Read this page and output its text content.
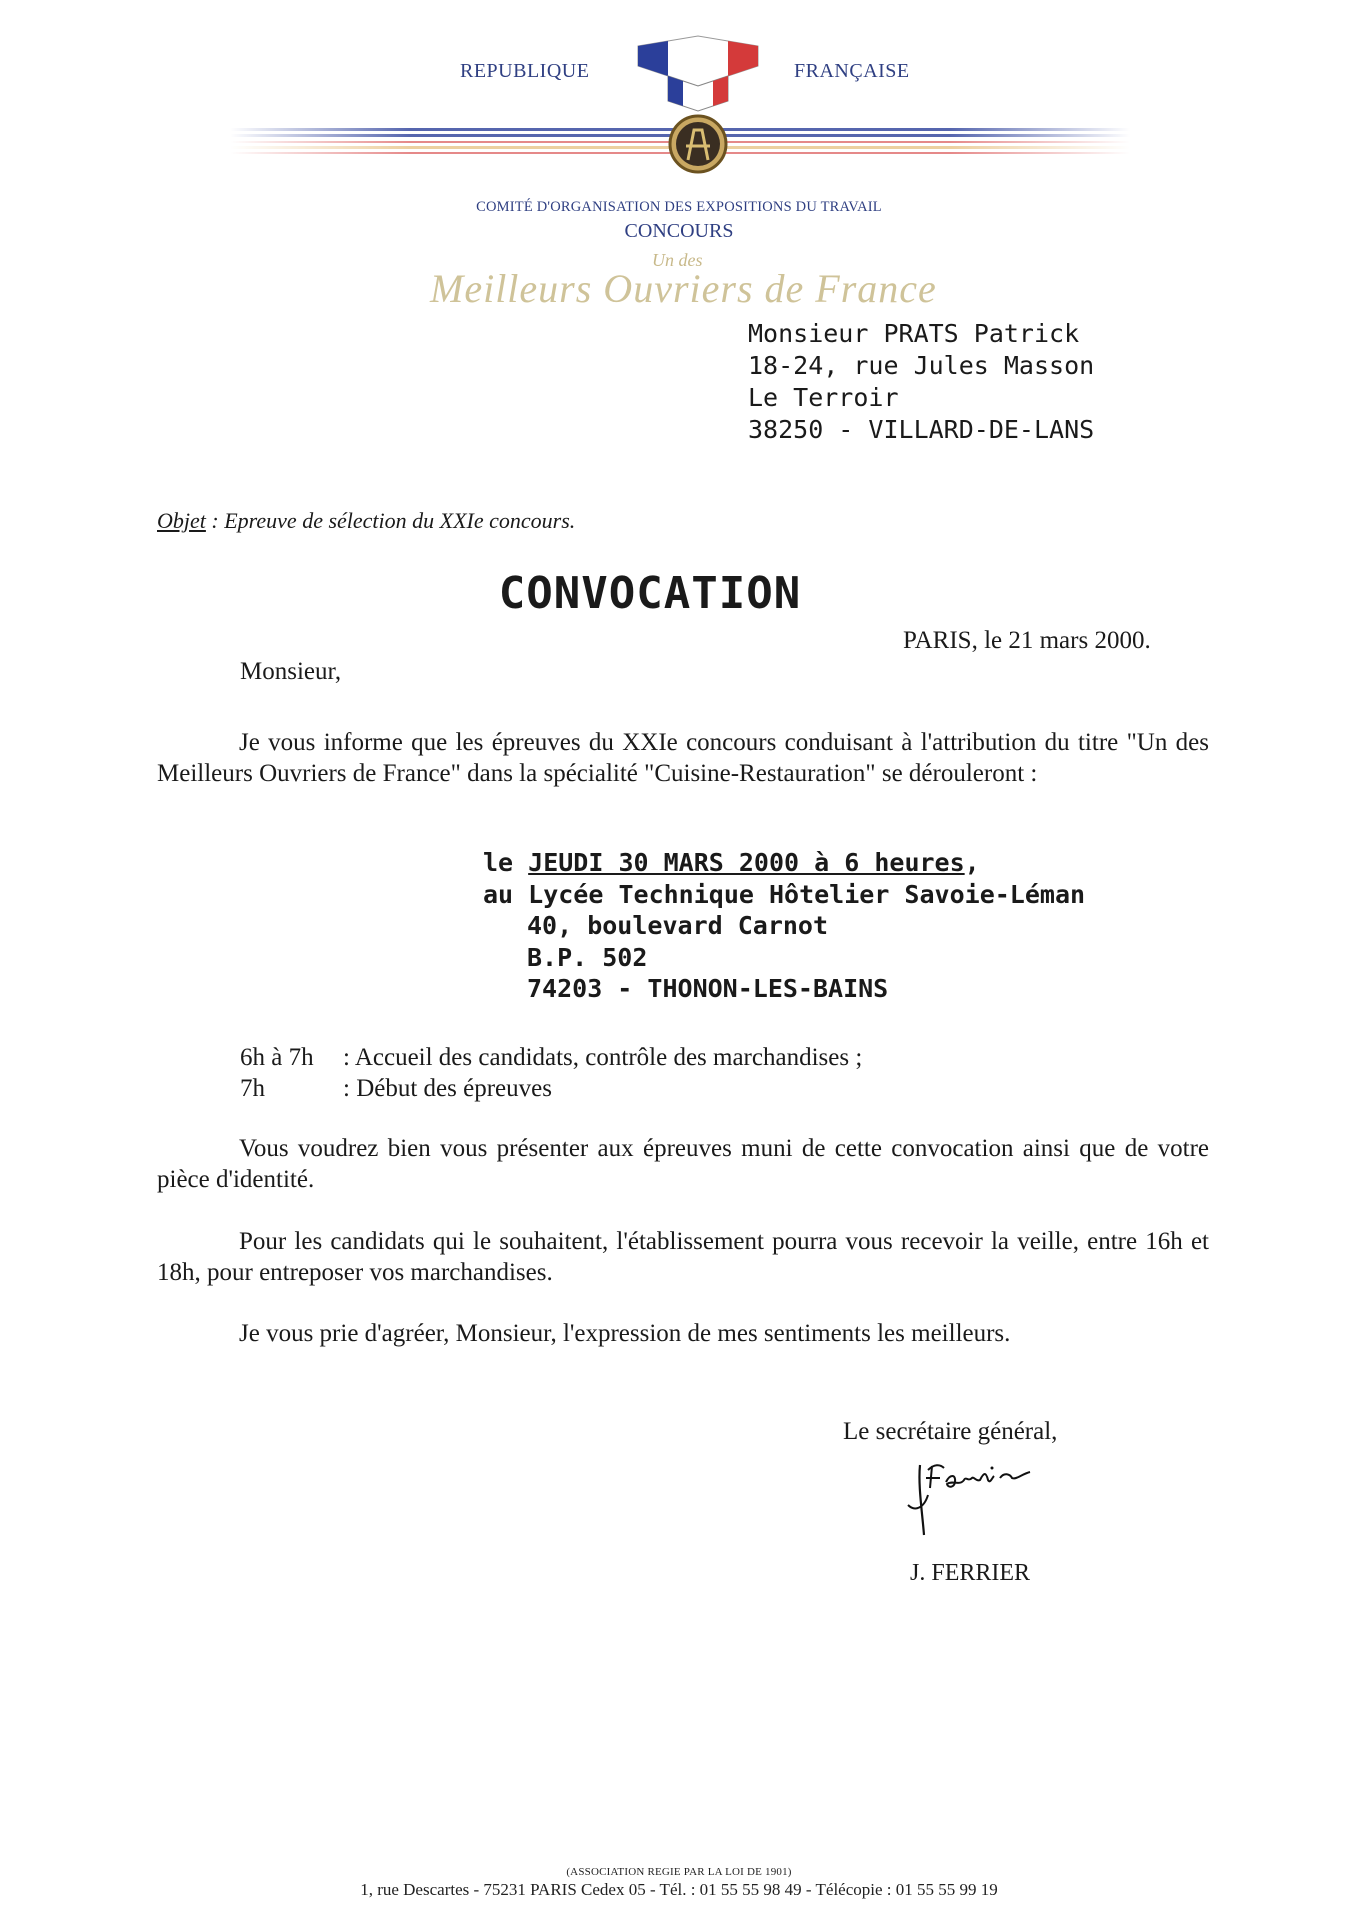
REPUBLIQUE	FRANÇAISE
COMITÉ D'ORGANISATION DES EXPOSITIONS DU TRAVAIL
CONCOURS
Un des
Meilleurs Ouvriers de France
Monsieur PRATS Patrick
18-24, rue Jules Masson
Le Terroir
38250 - VILLARD-DE-LANS
Objet : Epreuve de sélection du XXIe concours.
CONVOCATION
PARIS, le 21 mars 2000.
Monsieur,
Je vous informe que les épreuves du XXIe concours conduisant à l'attribution du titre "Un des Meilleurs Ouvriers de France" dans la spécialité "Cuisine-Restauration" se dérouleront :
le JEUDI 30 MARS 2000 à 6 heures,
au Lycée Technique Hôtelier Savoie-Léman
40, boulevard Carnot
B.P. 502
74203 - THONON-LES-BAINS
6h à 7h : Accueil des candidats, contrôle des marchandises ;
7h	: Début des épreuves
Vous voudrez bien vous présenter aux épreuves muni de cette convocation ainsi que de votre pièce d'identité.
Pour les candidats qui le souhaitent, l'établissement pourra vous recevoir la veille, entre 16h et 18h, pour entreposer vos marchandises.
Je vous prie d'agréer, Monsieur, l'expression de mes sentiments les meilleurs.
Le secrétaire général,
J. FERRIER
(ASSOCIATION REGIE PAR LA LOI DE 1901)
1, rue Descartes - 75231 PARIS Cedex 05 - Tél. : 01 55 55 98 49 - Télécopie : 01 55 55 99 19
